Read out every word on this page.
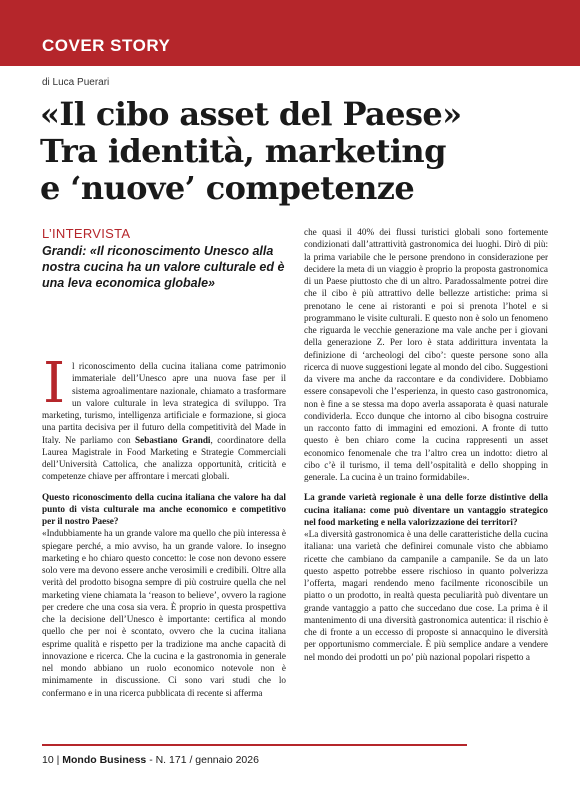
COVER STORY
di Luca Puerari
«Il cibo asset del Paese»
Tra identità, marketing
e ‘nuove’ competenze
L’INTERVISTA

Grandi: «Il riconoscimento Unesco alla nostra cucina ha un valore culturale ed è una leva economica globale»

Il riconoscimento della cucina italiana come patrimonio immateriale dell’Unesco apre una nuova fase per il sistema agroalimentare nazionale, chiamato a trasformare un valore culturale in leva strategica di sviluppo. Tra marketing, turismo, intelligenza artificiale e formazione, si gioca una partita decisiva per il futuro della competitività del Made in Italy. Ne parliamo con Sebastiano Grandi, coordinatore della Laurea Magistrale in Food Marketing e Strategie Commerciali dell’Università Cattolica, che analizza opportunità, criticità e competenze chiave per affrontare i mercati globali.

Questo riconoscimento della cucina italiana che valore ha dal punto di vista culturale ma anche economico e competitivo per il nostro Paese?

«Indubbiamente ha un grande valore ma quello che più interessa è spiegare perché, a mio avviso, ha un grande valore. Io insegno marketing e ho chiaro questo concetto: le cose non devono essere solo vere ma devono essere anche verosimili e credibili. Oltre alla verità del prodotto bisogna sempre di più costruire quella che nel marketing viene chiamata la ‘reason to believe’, ovvero la ragione per credere che una cosa sia vera. È proprio in questa prospettiva che la decisione dell’Unesco è importante: certifica al mondo quello che per noi è scontato, ovvero che la cucina italiana esprime qualità e rispetto per la tradizione ma anche capacità di innovazione e ricerca. Che la cucina e la gastronomia in generale nel mondo abbiano un ruolo economico notevole non è minimamente in discussione. Ci sono vari studi che lo confermano e in una ricerca pubblicata di recente si afferma

che quasi il 40% dei flussi turistici globali sono fortemente condizionati dall’attrattività gastronomica dei luoghi. Dirò di più: la prima variabile che le persone prendono in considerazione per decidere la meta di un viaggio è proprio la proposta gastronomica di un Paese piuttosto che di un altro. Paradossalmente potrei dire che il cibo è più attrattivo delle bellezze artistiche: prima si prenotano le cene ai ristoranti e poi si prenota l’hotel e si programmano le visite culturali. E questo non è solo un fenomeno che riguarda le vecchie generazione ma vale anche per i giovani della generazione Z. Per loro è stata addirittura inventata la definizione di ‘archeologi del cibo’: queste persone sono alla ricerca di nuove suggestioni legate al mondo del cibo. Suggestioni da vivere ma anche da raccontare e da condividere. Dobbiamo essere consapevoli che l’esperienza, in questo caso gastronomica, non è fine a se stessa ma dopo averla assaporata è quasi naturale condividerla. Ecco dunque che intorno al cibo bisogna costruire un racconto fatto di immagini ed emozioni. A fronte di tutto questo è ben chiaro come la cucina rappresenti un asset economico fenomenale che tra l’altro crea un indotto: dietro al cibo c’è il turismo, il tema dell’ospitalità e dello shopping in generale. La cucina è un traino formidabile».

La grande varietà regionale è una delle forze distintive della cucina italiana: come può diventare un vantaggio strategico nel food marketing e nella valorizzazione dei territori?

«La diversità gastronomica è una delle caratteristiche della cucina italiana: una varietà che definirei comunale visto che abbiamo ricette che cambiano da campanile a campanile. Se da un lato questo aspetto potrebbe essere rischioso in quanto polverizza l’offerta, magari rendendo meno facilmente riconoscibile un piatto o un prodotto, in realtà questa peculiarità può diventare un grande vantaggio a patto che succedano due cose. La prima è il mantenimento di una diversità gastronomica autentica: il rischio è che di fronte a un eccesso di proposte si annacquino le diversità per opportunismo commerciale. È più semplice andare a vendere nel mondo dei prodotti un po’ più nazional popolari rispetto a

10 | Mondo Business - N. 171 / gennaio 2026
